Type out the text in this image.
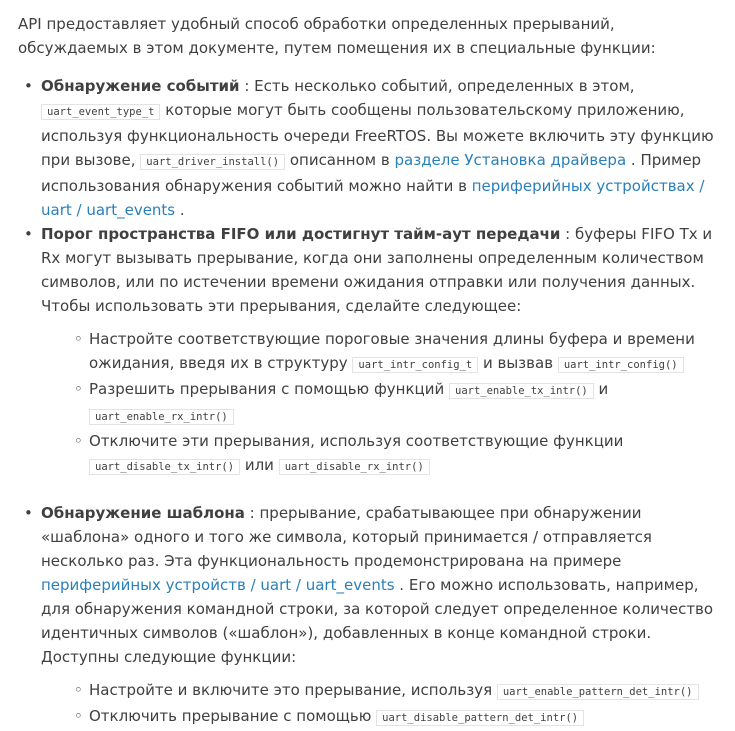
API предоставляет удобный способ обработки определенных прерываний, обсуждаемых в этом документе, путем помещения их в специальные функции:

• Обнаружение событий : Есть несколько событий, определенных в этом, uart_event_type_t которые могут быть сообщены пользовательскому приложению, используя функциональность очереди FreeRTOS. Вы можете включить эту функцию при вызове, uart_driver_install() описанном в разделе Установка драйвера . Пример использования обнаружения событий можно найти в периферийных устройствах / uart / uart_events .
• Порог пространства FIFO или достигнут тайм-аут передачи : буферы FIFO Tx и Rx могут вызывать прерывание, когда они заполнены определенным количеством символов, или по истечении времени ожидания отправки или получения данных. Чтобы использовать эти прерывания, сделайте следующее:
◦ Настройте соответствующие пороговые значения длины буфера и времени ожидания, введя их в структуру uart_intr_config_t и вызвав uart_intr_config()
◦ Разрешить прерывания с помощью функций uart_enable_tx_intr() и uart_enable_rx_intr()
◦ Отключите эти прерывания, используя соответствующие функции uart_disable_tx_intr() или uart_disable_rx_intr()
• Обнаружение шаблона : прерывание, срабатывающее при обнаружении «шаблона» одного и того же символа, который принимается / отправляется несколько раз. Эта функциональность продемонстрирована на примере периферийных устройств / uart / uart_events . Его можно использовать, например, для обнаружения командной строки, за которой следует определенное количество идентичных символов («шаблон»), добавленных в конце командной строки. Доступны следующие функции:
◦ Настройте и включите это прерывание, используя uart_enable_pattern_det_intr()
◦ Отключить прерывание с помощью uart_disable_pattern_det_intr()
